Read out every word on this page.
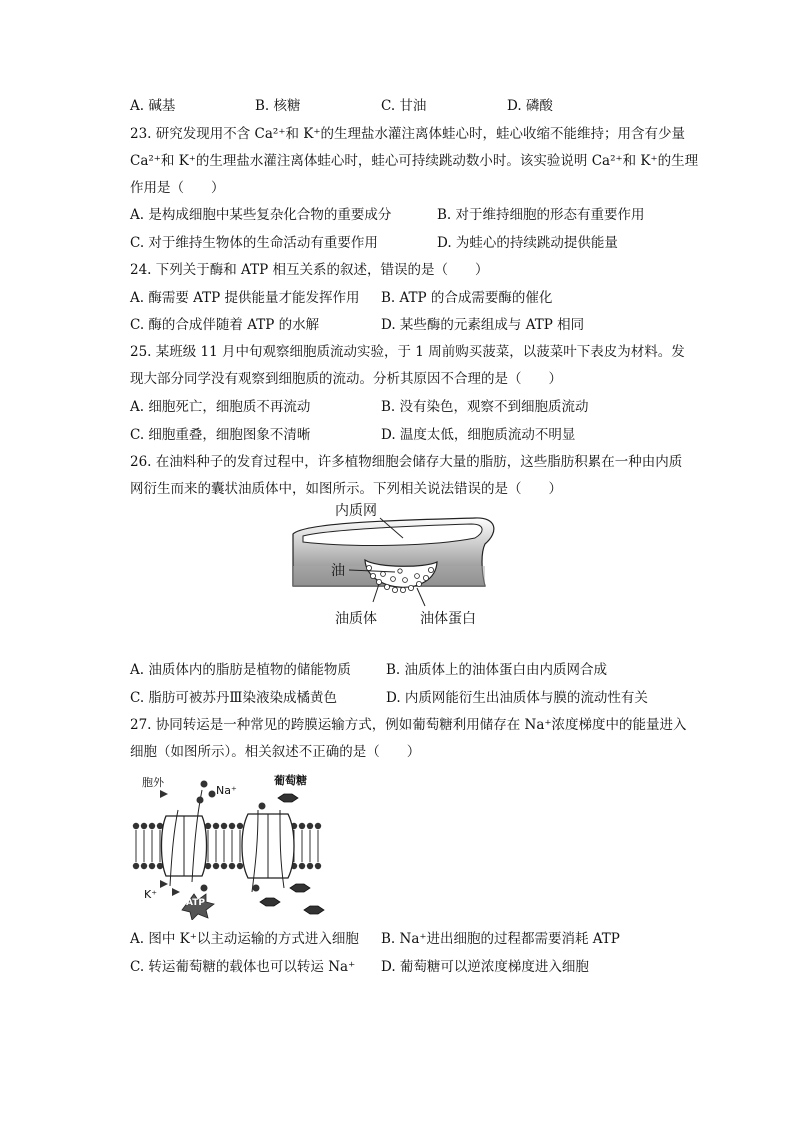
A. 碱基	B. 核糖	C. 甘油	D. 磷酸
23. 研究发现用不含 Ca²⁺和 K⁺的生理盐水灌注离体蛙心时，蛙心收缩不能维持；用含有少量
Ca²⁺和 K⁺的生理盐水灌注离体蛙心时，蛙心可持续跳动数小时。该实验说明 Ca²⁺和 K⁺的生理
作用是（　　）
A. 是构成细胞中某些复杂化合物的重要成分	B. 对于维持细胞的形态有重要作用
C. 对于维持生物体的生命活动有重要作用	D. 为蛙心的持续跳动提供能量
24. 下列关于酶和 ATP 相互关系的叙述，错误的是（　　）
A. 酶需要 ATP 提供能量才能发挥作用 B. ATP 的合成需要酶的催化
C. 酶的合成伴随着 ATP 的水解	D. 某些酶的元素组成与 ATP 相同
25. 某班级 11 月中旬观察细胞质流动实验，于 1 周前购买菠菜，以菠菜叶下表皮为材料。发
现大部分同学没有观察到细胞质的流动。分析其原因不合理的是（　　）
A. 细胞死亡，细胞质不再流动	B. 没有染色，观察不到细胞质流动
C. 细胞重叠，细胞图象不清晰	D. 温度太低，细胞质流动不明显
26. 在油料种子的发育过程中，许多植物细胞会储存大量的脂肪，这些脂肪积累在一种由内质
网衍生而来的囊状油质体中，如图所示。下列相关说法错误的是（　　）
内质网
油
油质体	油体蛋白
A. 油质体内的脂肪是植物的储能物质	B. 油质体上的油体蛋白由内质网合成
C. 脂肪可被苏丹Ⅲ染液染成橘黄色	D. 内质网能衍生出油质体与膜的流动性有关
27. 协同转运是一种常见的跨膜运输方式，例如葡萄糖利用储存在 Na⁺浓度梯度中的能量进入
细胞（如图所示）。相关叙述不正确的是（　　）
胞外
Na⁺
葡萄糖
K⁺
ATP
A. 图中 K⁺以主动运输的方式进入细胞 B. Na⁺进出细胞的过程都需要消耗 ATP
C. 转运葡萄糖的载体也可以转运 Na⁺ D. 葡萄糖可以逆浓度梯度进入细胞
